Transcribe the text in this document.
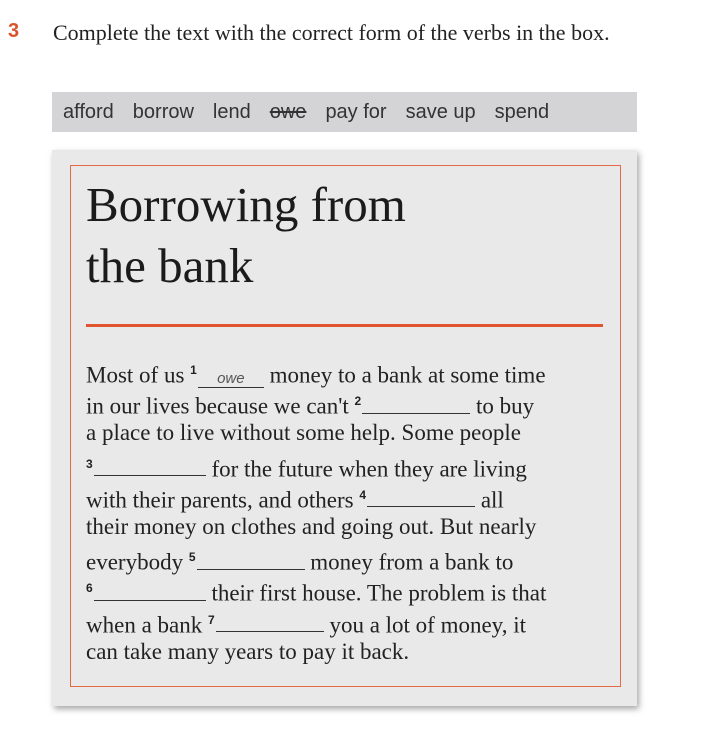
3 Complete the text with the correct form of the verbs in the box.
afford borrow lend owe pay for save up spend
Borrowing from
the bank
Most of us $^1$ owe money to a bank at some time
in our lives because we can't $^2$	to buy
a place to live without some help. Some people
$^3$	for the future when they are living
with their parents, and others $^4$	all
their money on clothes and going out. But nearly
everybody $^5$	money from a bank to
$^6$	their first house. The problem is that
when a bank $^7$	you a lot of money, it
can take many years to pay it back.
